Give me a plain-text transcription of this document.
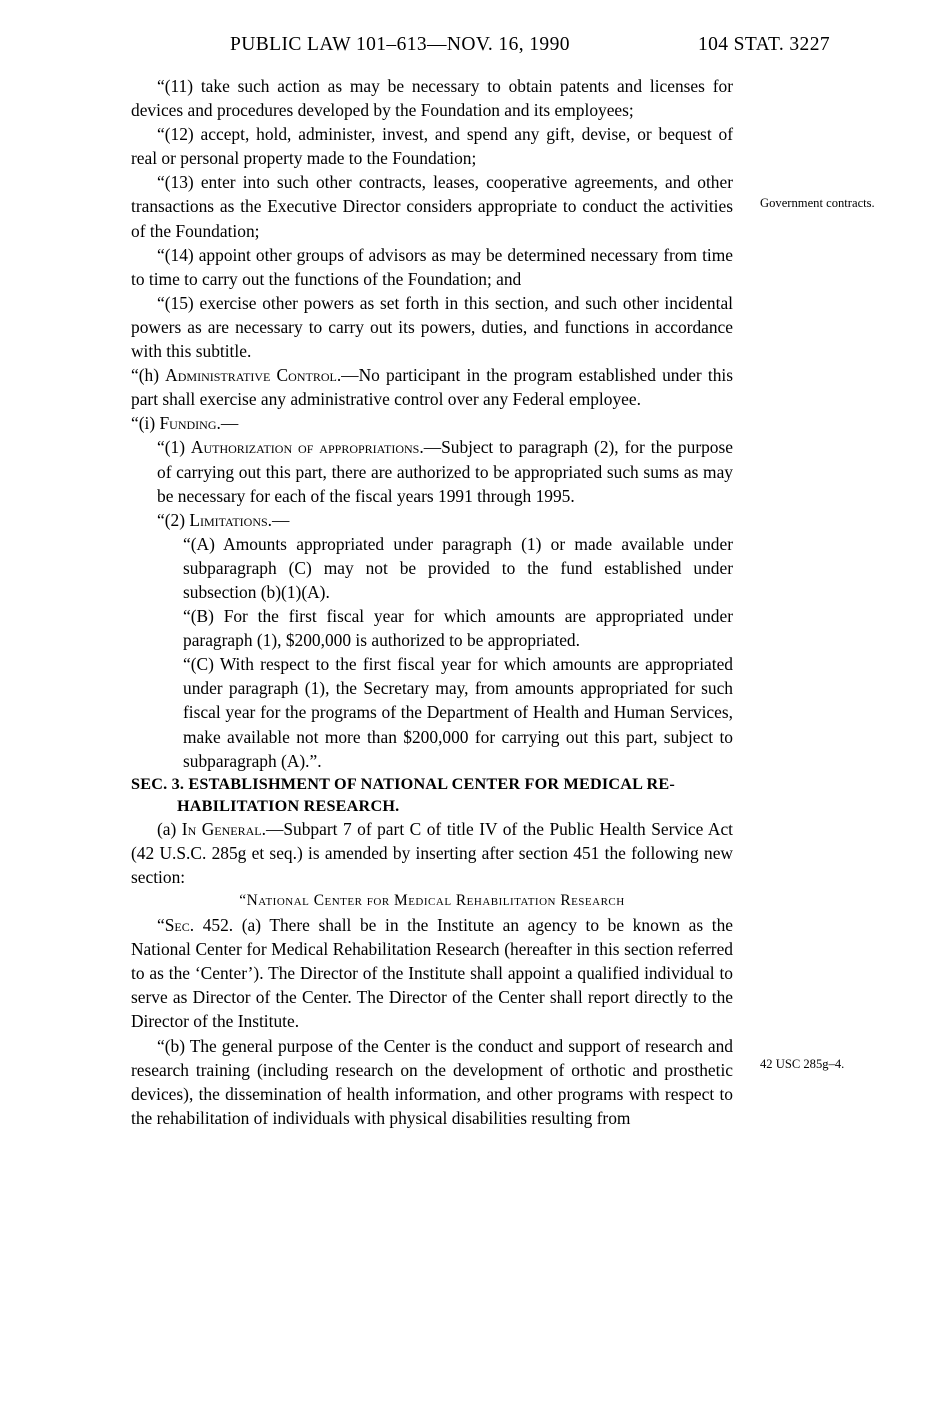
PUBLIC LAW 101–613—NOV. 16, 1990	104 STAT. 3227
Government contracts.
42 USC 285g–4.

“(11) take such action as may be necessary to obtain patents and licenses for devices and procedures developed by the Foundation and its employees;

“(12) accept, hold, administer, invest, and spend any gift, devise, or bequest of real or personal property made to the Foundation;

“(13) enter into such other contracts, leases, cooperative agreements, and other transactions as the Executive Director considers appropriate to conduct the activities of the Foundation;

“(14) appoint other groups of advisors as may be determined necessary from time to time to carry out the functions of the Foundation; and

“(15) exercise other powers as set forth in this section, and such other incidental powers as are necessary to carry out its powers, duties, and functions in accordance with this subtitle.

“(h) Administrative Control.—No participant in the program established under this part shall exercise any administrative control over any Federal employee.

“(i) Funding.—

“(1) Authorization of appropriations.—Subject to paragraph (2), for the purpose of carrying out this part, there are authorized to be appropriated such sums as may be necessary for each of the fiscal years 1991 through 1995.

“(2) Limitations.—

“(A) Amounts appropriated under paragraph (1) or made available under subparagraph (C) may not be provided to the fund established under subsection (b)(1)(A).

“(B) For the first fiscal year for which amounts are appropriated under paragraph (1), $200,000 is authorized to be appropriated.

“(C) With respect to the first fiscal year for which amounts are appropriated under paragraph (1), the Secretary may, from amounts appropriated for such fiscal year for the programs of the Department of Health and Human Services, make available not more than $200,000 for carrying out this part, subject to subparagraph (A).”.

SEC. 3. ESTABLISHMENT OF NATIONAL CENTER FOR MEDICAL RE-
HABILITATION RESEARCH.

(a) In General.—Subpart 7 of part C of title IV of the Public Health Service Act (42 U.S.C. 285g et seq.) is amended by inserting after section 451 the following new section:

“National Center for Medical Rehabilitation Research

“Sec. 452. (a) There shall be in the Institute an agency to be known as the National Center for Medical Rehabilitation Research (hereafter in this section referred to as the ‘Center’). The Director of the Institute shall appoint a qualified individual to serve as Director of the Center. The Director of the Center shall report directly to the Director of the Institute.

“(b) The general purpose of the Center is the conduct and support of research and research training (including research on the development of orthotic and prosthetic devices), the dissemination of health information, and other programs with respect to the rehabilitation of individuals with physical disabilities resulting from
